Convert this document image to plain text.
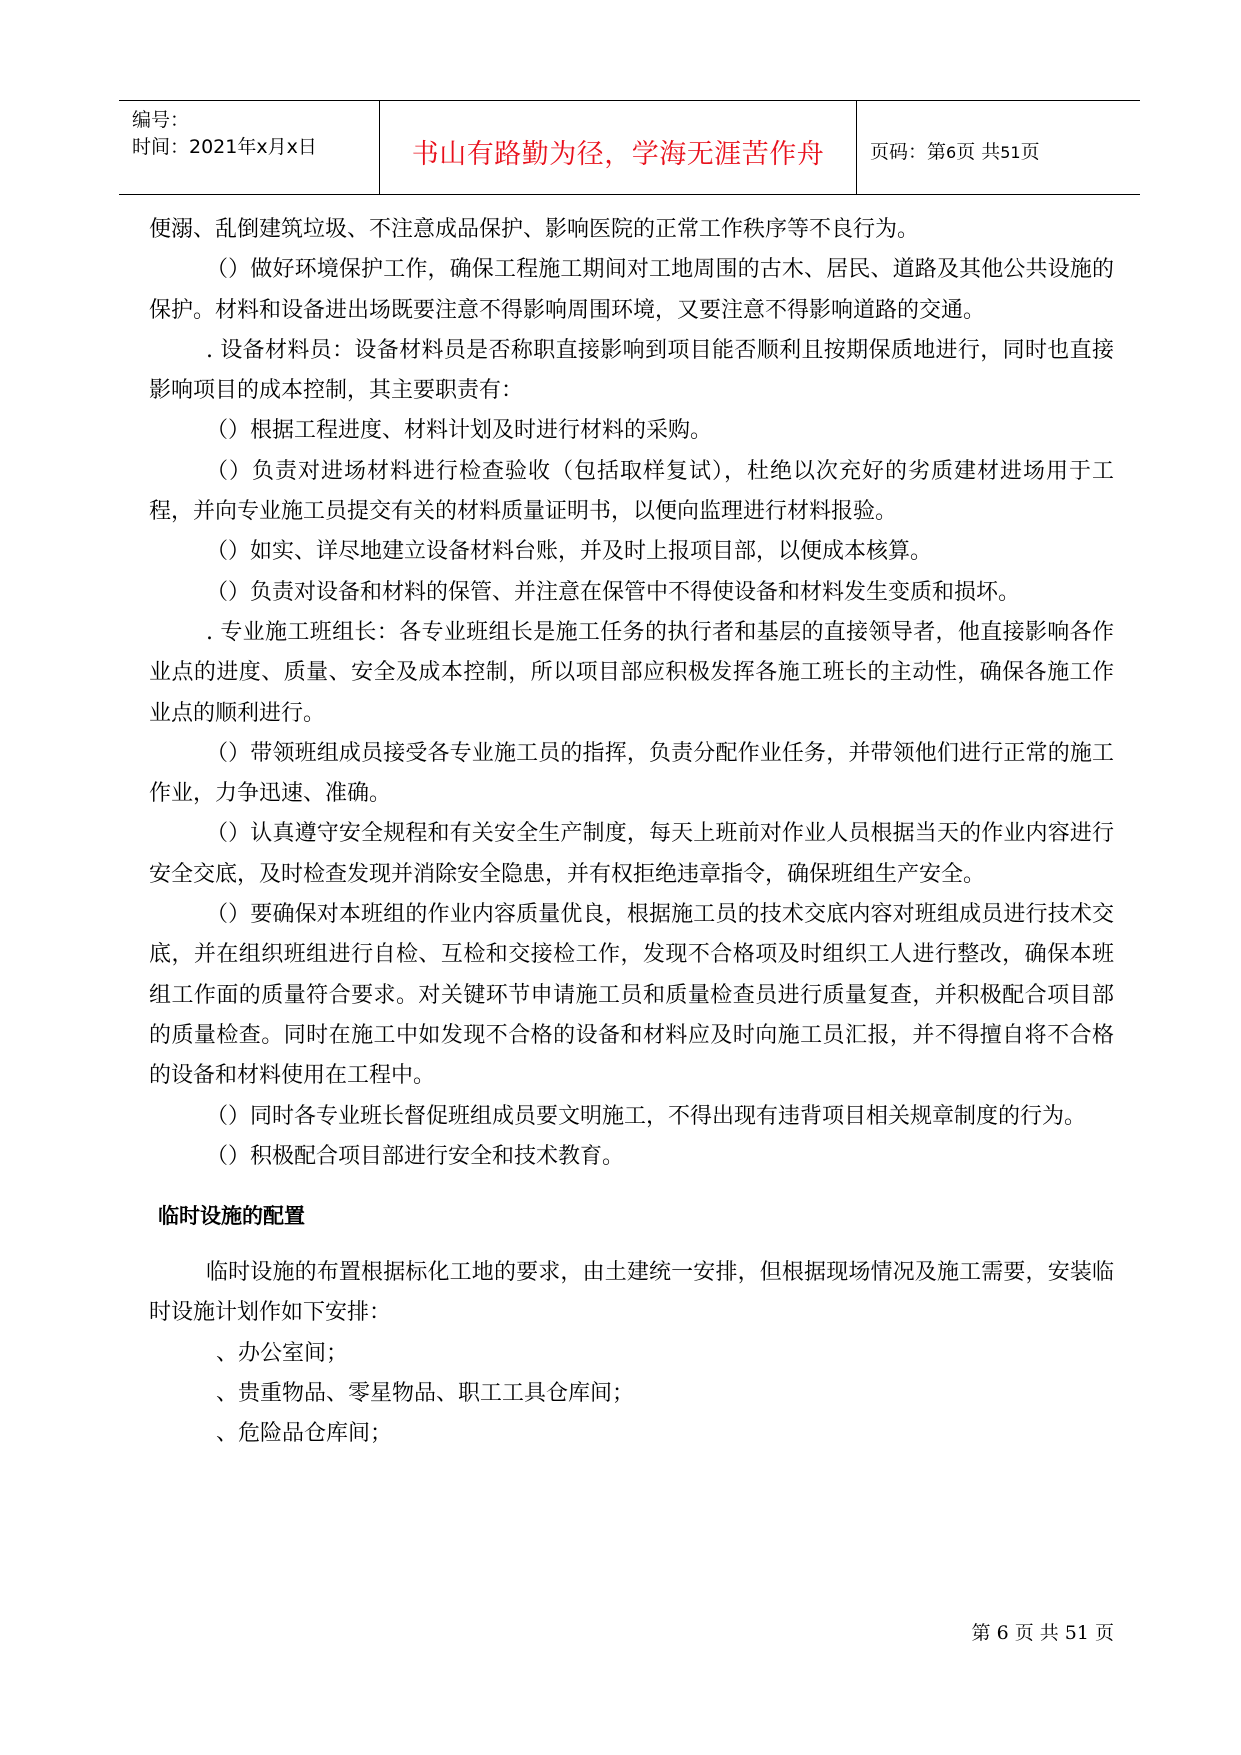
编号：
时间：2021年x月x日	书山有路勤为径，学海无涯苦作舟	页码：第6页 共51页

便溺、乱倒建筑垃圾、不注意成品保护、影响医院的正常工作秩序等不良行为。

（）做好环境保护工作，确保工程施工期间对工地周围的古木、居民、道路及其他公共设施的保护。材料和设备进出场既要注意不得影响周围环境，又要注意不得影响道路的交通。

. 设备材料员：设备材料员是否称职直接影响到项目能否顺利且按期保质地进行，同时也直接影响项目的成本控制，其主要职责有：

（）根据工程进度、材料计划及时进行材料的采购。

（）负责对进场材料进行检查验收（包括取样复试），杜绝以次充好的劣质建材进场用于工程，并向专业施工员提交有关的材料质量证明书，以便向监理进行材料报验。

（）如实、详尽地建立设备材料台账，并及时上报项目部，以便成本核算。

（）负责对设备和材料的保管、并注意在保管中不得使设备和材料发生变质和损坏。

. 专业施工班组长：各专业班组长是施工任务的执行者和基层的直接领导者，他直接影响各作业点的进度、质量、安全及成本控制，所以项目部应积极发挥各施工班长的主动性，确保各施工作业点的顺利进行。

（）带领班组成员接受各专业施工员的指挥，负责分配作业任务，并带领他们进行正常的施工作业，力争迅速、准确。

（）认真遵守安全规程和有关安全生产制度，每天上班前对作业人员根据当天的作业内容进行安全交底，及时检查发现并消除安全隐患，并有权拒绝违章指令，确保班组生产安全。

（）要确保对本班组的作业内容质量优良，根据施工员的技术交底内容对班组成员进行技术交底，并在组织班组进行自检、互检和交接检工作，发现不合格项及时组织工人进行整改，确保本班组工作面的质量符合要求。对关键环节申请施工员和质量检查员进行质量复查，并积极配合项目部的质量检查。同时在施工中如发现不合格的设备和材料应及时向施工员汇报，并不得擅自将不合格的设备和材料使用在工程中。

（）同时各专业班长督促班组成员要文明施工，不得出现有违背项目相关规章制度的行为。

（）积极配合项目部进行安全和技术教育。

临时设施的配置

临时设施的布置根据标化工地的要求，由土建统一安排，但根据现场情况及施工需要，安装临时设施计划作如下安排：

、办公室间；

、贵重物品、零星物品、职工工具仓库间；

、危险品仓库间；

第 6 页 共 51 页
